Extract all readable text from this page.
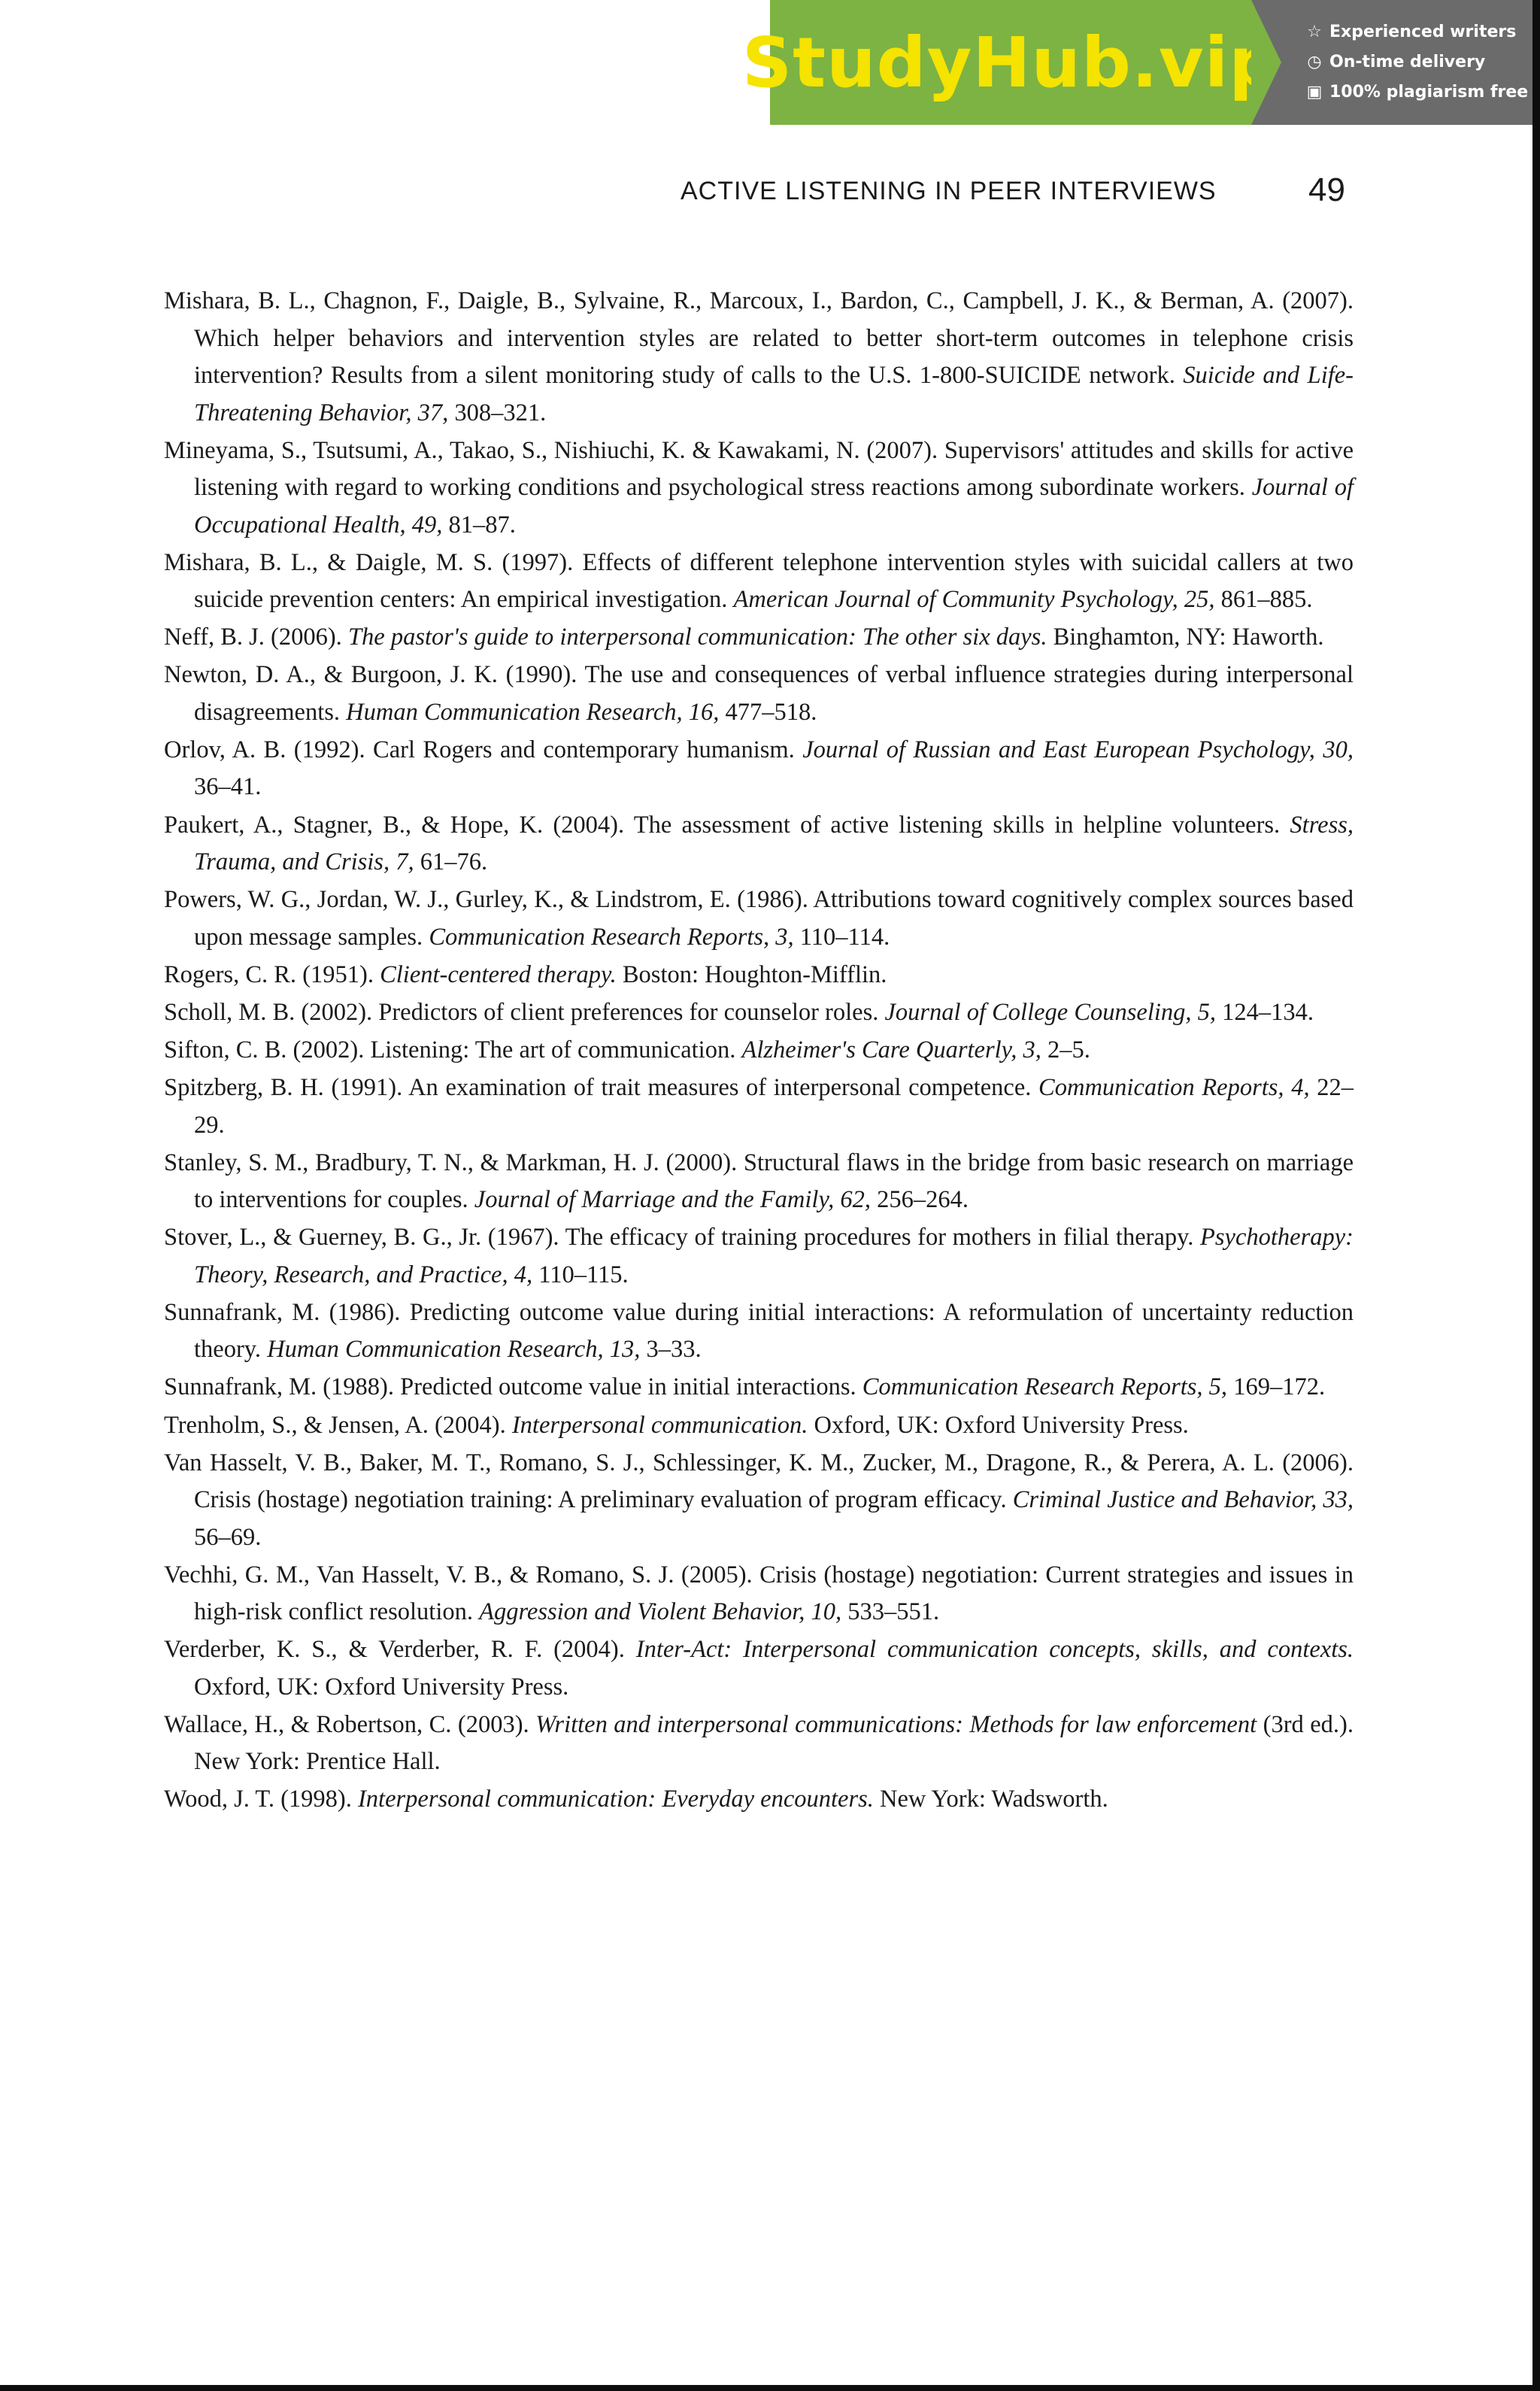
StudyHub.vip ☆ Experienced writers
◷ On-time delivery
▣ 100% plagiarism free
ACTIVE LISTENING IN PEER INTERVIEWS	49

Mishara, B. L., Chagnon, F., Daigle, B., Sylvaine, R., Marcoux, I., Bardon, C., Campbell, J. K., & Berman, A. (2007). Which helper behaviors and intervention styles are related to better short-term outcomes in telephone crisis intervention? Results from a silent monitoring study of calls to the U.S. 1-800-SUICIDE network. Suicide and Life-Threatening Behavior, 37, 308–321.

Mineyama, S., Tsutsumi, A., Takao, S., Nishiuchi, K. & Kawakami, N. (2007). Supervisors' attitudes and skills for active listening with regard to working conditions and psychological stress reactions among subordinate workers. Journal of Occupational Health, 49, 81–87.

Mishara, B. L., & Daigle, M. S. (1997). Effects of different telephone intervention styles with suicidal callers at two suicide prevention centers: An empirical investigation. American Journal of Community Psychology, 25, 861–885.

Neff, B. J. (2006). The pastor's guide to interpersonal communication: The other six days. Binghamton, NY: Haworth.

Newton, D. A., & Burgoon, J. K. (1990). The use and consequences of verbal influence strategies during interpersonal disagreements. Human Communication Research, 16, 477–518.

Orlov, A. B. (1992). Carl Rogers and contemporary humanism. Journal of Russian and East European Psychology, 30, 36–41.

Paukert, A., Stagner, B., & Hope, K. (2004). The assessment of active listening skills in helpline volunteers. Stress, Trauma, and Crisis, 7, 61–76.

Powers, W. G., Jordan, W. J., Gurley, K., & Lindstrom, E. (1986). Attributions toward cognitively complex sources based upon message samples. Communication Research Reports, 3, 110–114.

Rogers, C. R. (1951). Client-centered therapy. Boston: Houghton-Mifflin.

Scholl, M. B. (2002). Predictors of client preferences for counselor roles. Journal of College Counseling, 5, 124–134.

Sifton, C. B. (2002). Listening: The art of communication. Alzheimer's Care Quarterly, 3, 2–5.

Spitzberg, B. H. (1991). An examination of trait measures of interpersonal competence. Communication Reports, 4, 22–29.

Stanley, S. M., Bradbury, T. N., & Markman, H. J. (2000). Structural flaws in the bridge from basic research on marriage to interventions for couples. Journal of Marriage and the Family, 62, 256–264.

Stover, L., & Guerney, B. G., Jr. (1967). The efficacy of training procedures for mothers in filial therapy. Psychotherapy: Theory, Research, and Practice, 4, 110–115.

Sunnafrank, M. (1986). Predicting outcome value during initial interactions: A reformulation of uncertainty reduction theory. Human Communication Research, 13, 3–33.

Sunnafrank, M. (1988). Predicted outcome value in initial interactions. Communication Research Reports, 5, 169–172.

Trenholm, S., & Jensen, A. (2004). Interpersonal communication. Oxford, UK: Oxford University Press.

Van Hasselt, V. B., Baker, M. T., Romano, S. J., Schlessinger, K. M., Zucker, M., Dragone, R., & Perera, A. L. (2006). Crisis (hostage) negotiation training: A preliminary evaluation of program efficacy. Criminal Justice and Behavior, 33, 56–69.

Vechhi, G. M., Van Hasselt, V. B., & Romano, S. J. (2005). Crisis (hostage) negotiation: Current strategies and issues in high-risk conflict resolution. Aggression and Violent Behavior, 10, 533–551.

Verderber, K. S., & Verderber, R. F. (2004). Inter-Act: Interpersonal communication concepts, skills, and contexts. Oxford, UK: Oxford University Press.

Wallace, H., & Robertson, C. (2003). Written and interpersonal communications: Methods for law enforcement (3rd ed.). New York: Prentice Hall.

Wood, J. T. (1998). Interpersonal communication: Everyday encounters. New York: Wadsworth.
